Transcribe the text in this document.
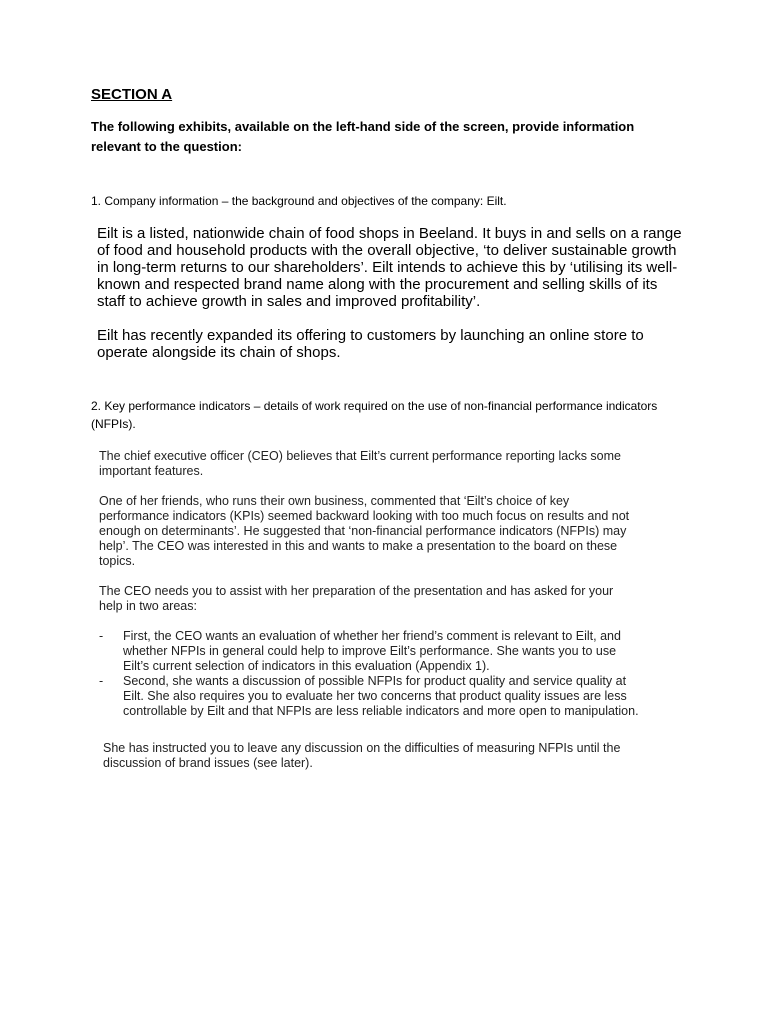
SECTION A

The following exhibits, available on the left-hand side of the screen, provide information relevant to the question:

1. Company information – the background and objectives of the company: Eilt.

Eilt is a listed, nationwide chain of food shops in Beeland. It buys in and sells on a range of food and household products with the overall objective, ‘to deliver sustainable growth in long-term returns to our shareholders’. Eilt intends to achieve this by ‘utilising its well-known and respected brand name along with the procurement and selling skills of its staff to achieve growth in sales and improved profitability’.

Eilt has recently expanded its offering to customers by launching an online store to operate alongside its chain of shops.

2. Key performance indicators – details of work required on the use of non-financial performance indicators (NFPIs).

The chief executive officer (CEO) believes that Eilt’s current performance reporting lacks some important features.

One of her friends, who runs their own business, commented that ‘Eilt’s choice of key performance indicators (KPIs) seemed backward looking with too much focus on results and not enough on determinants’. He suggested that ‘non-financial performance indicators (NFPIs) may help’. The CEO was interested in this and wants to make a presentation to the board on these topics.

The CEO needs you to assist with her preparation of the presentation and has asked for your help in two areas:

- First, the CEO wants an evaluation of whether her friend’s comment is relevant to Eilt, and whether NFPIs in general could help to improve Eilt’s performance. She wants you to use Eilt’s current selection of indicators in this evaluation (Appendix 1).
- Second, she wants a discussion of possible NFPIs for product quality and service quality at Eilt. She also requires you to evaluate her two concerns that product quality issues are less controllable by Eilt and that NFPIs are less reliable indicators and more open to manipulation.

She has instructed you to leave any discussion on the difficulties of measuring NFPIs until the discussion of brand issues (see later).
